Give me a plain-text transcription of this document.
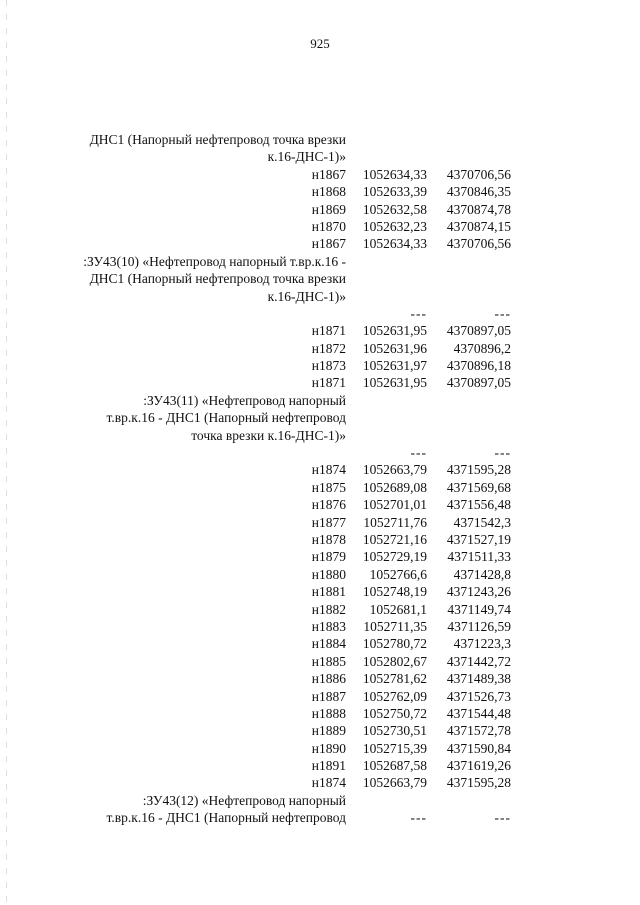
925
ДНС1 (Напорный нефтепровод точка врезки
к.16-ДНС-1)»
н1867 1052634,33 4370706,56
н1868 1052633,39 4370846,35
н1869 1052632,58 4370874,78
н1870 1052632,23 4370874,15
н1867 1052634,33 4370706,56
:ЗУ43(10) «Нефтепровод напорный т.вр.к.16 -
ДНС1 (Напорный нефтепровод точка врезки
к.16-ДНС-1)»
---	---
н1871 1052631,95 4370897,05
н1872 1052631,96 4370896,2
н1873 1052631,97 4370896,18
н1871 1052631,95 4370897,05
:ЗУ43(11) «Нефтепровод напорный
т.вр.к.16 - ДНС1 (Напорный нефтепровод
точка врезки к.16-ДНС-1)»
---	---
н1874 1052663,79 4371595,28
н1875 1052689,08 4371569,68
н1876 1052701,01 4371556,48
н1877 1052711,76 4371542,3
н1878 1052721,16 4371527,19
н1879 1052729,19 4371511,33
н1880 1052766,6 4371428,8
н1881 1052748,19 4371243,26
н1882 1052681,1 4371149,74
н1883 1052711,35 4371126,59
н1884 1052780,72 4371223,3
н1885 1052802,67 4371442,72
н1886 1052781,62 4371489,38
н1887 1052762,09 4371526,73
н1888 1052750,72 4371544,48
н1889 1052730,51 4371572,78
н1890 1052715,39 4371590,84
н1891 1052687,58 4371619,26
н1874 1052663,79 4371595,28
:ЗУ43(12) «Нефтепровод напорный
т.вр.к.16 - ДНС1 (Напорный нефтепровод	---	---
